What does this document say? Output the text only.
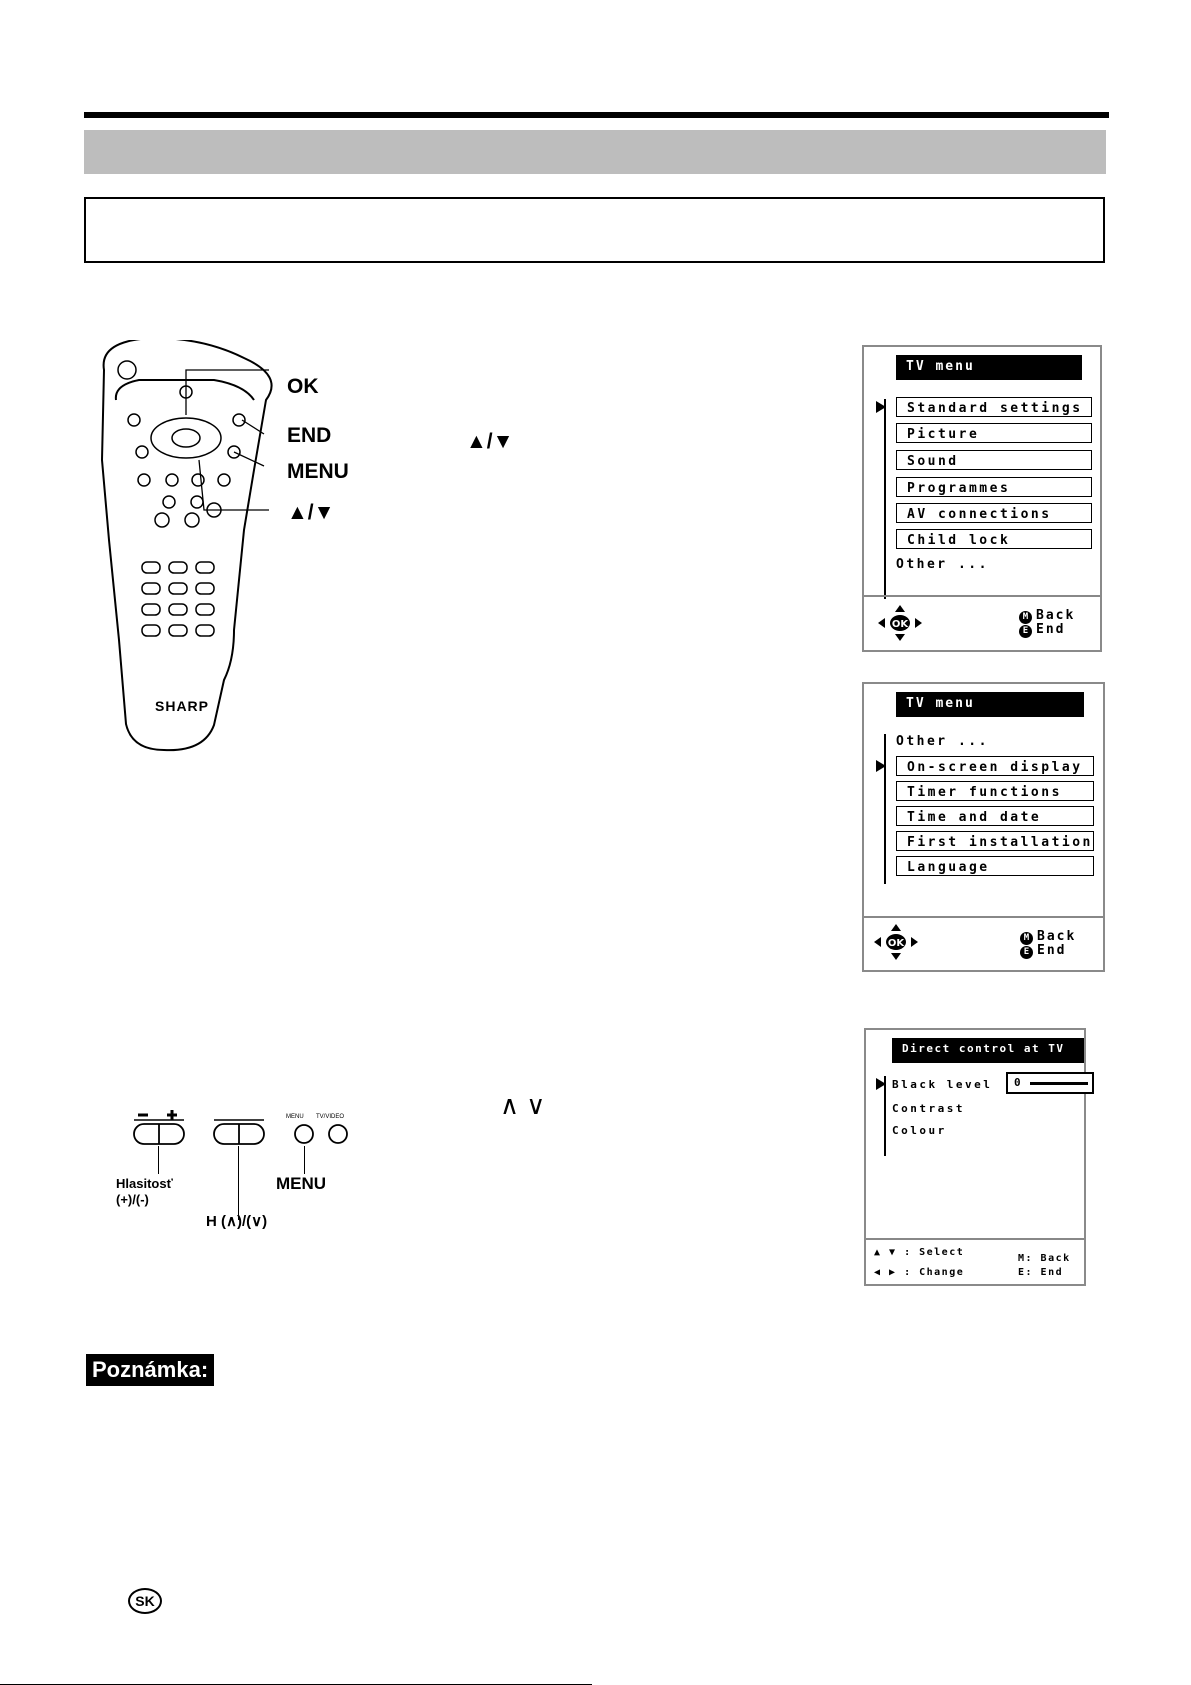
SHARP
OK
END
MENU
▲/▼
▲/▼
TV menu
Standard settings
Picture
Sound
Programmes
AV connections
Child lock
Other ...
OK
M Back
E End
TV menu
Other ...
On-screen display
Timer functions
Time and date
First installation
Language
OK	M Back
E End
Direct control at TV
Black level
Contrast
Colour
0
▲ ▼ : Select
◀ ▶ : Change
M: Back
E: End
∧ ∨
MENU TV/VIDEO
Hlasitosť
(+)/(-)
MENU
H (∧)/(∨)
Poznámka:
SK
